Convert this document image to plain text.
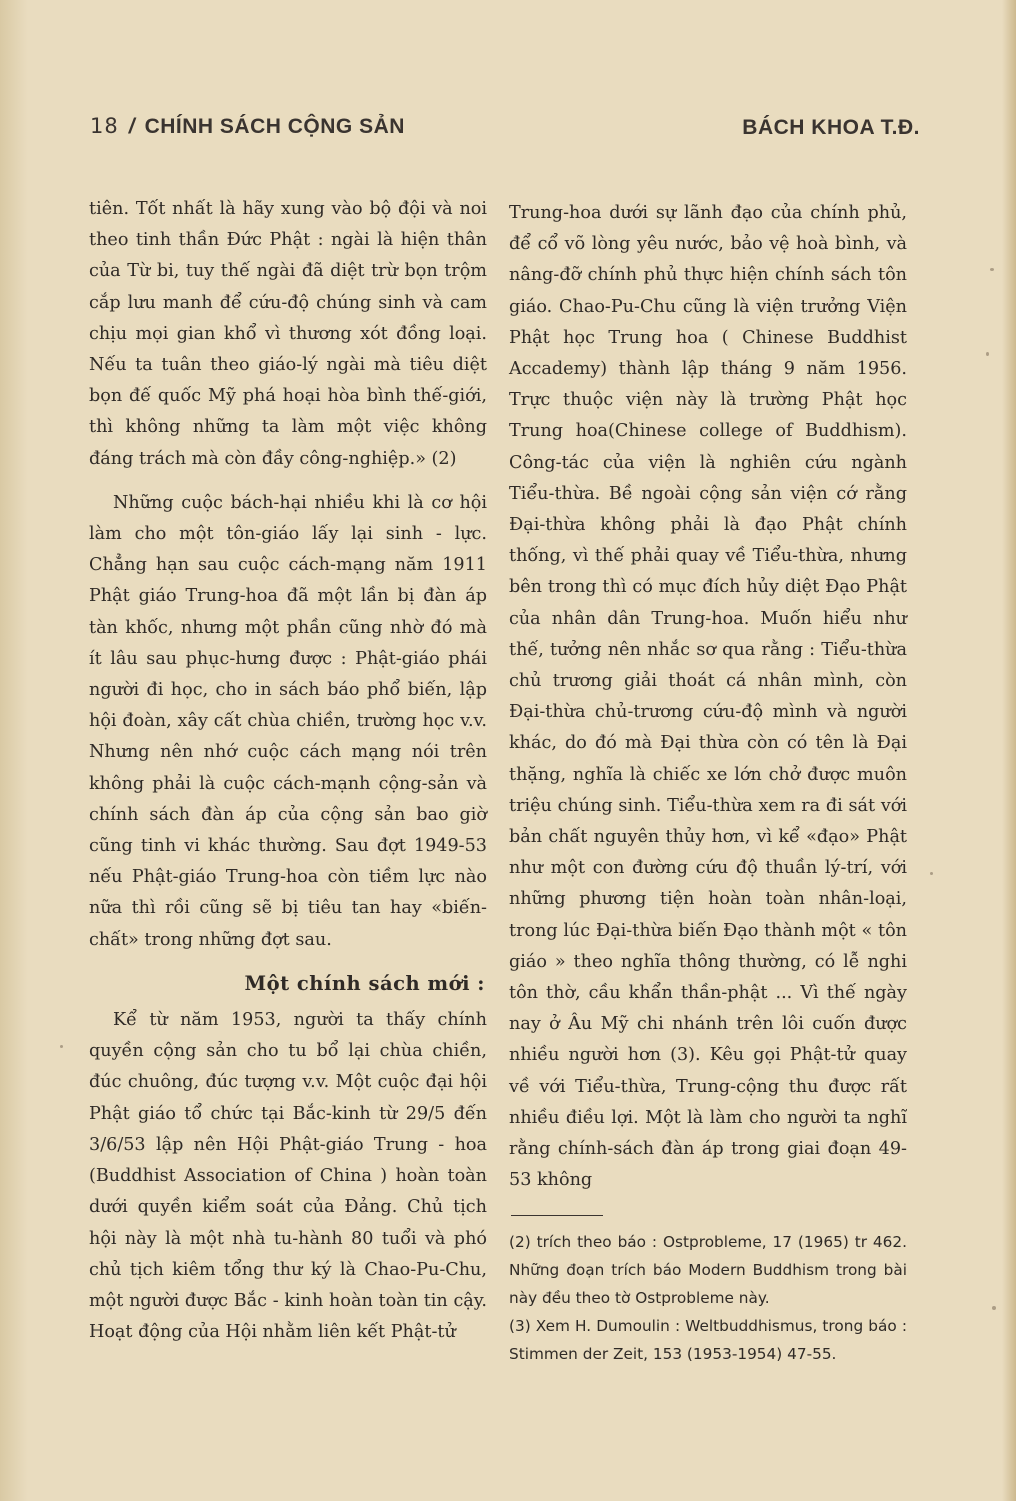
18 / CHÍNH SÁCH CỘNG SẢN	BÁCH KHOA T.Đ.

tiên. Tốt nhất là hãy xung vào bộ đội và noi theo tinh thần Đức Phật : ngài là hiện thân của Từ bi, tuy thế ngài đã diệt trừ bọn trộm cắp lưu manh để cứu-độ chúng sinh và cam chịu mọi gian khổ vì thương xót đồng loại. Nếu ta tuân theo giáo-lý ngài mà tiêu diệt bọn đế quốc Mỹ phá hoại hòa bình thế-giới, thì không những ta làm một việc không đáng trách mà còn đầy công-nghiệp.» (2)

Những cuộc bách-hại nhiều khi là cơ hội làm cho một tôn-giáo lấy lại sinh - lực. Chẳng hạn sau cuộc cách-mạng năm 1911 Phật giáo Trung-hoa đã một lần bị đàn áp tàn khốc, nhưng một phần cũng nhờ đó mà ít lâu sau phục-hưng được : Phật-giáo phái người đi học, cho in sách báo phổ biến, lập hội đoàn, xây cất chùa chiền, trường học v.v. Nhưng nên nhớ cuộc cách mạng nói trên không phải là cuộc cách-mạnh cộng-sản và chính sách đàn áp của cộng sản bao giờ cũng tinh vi khác thường. Sau đợt 1949-53 nếu Phật-giáo Trung-hoa còn tiềm lực nào nữa thì rồi cũng sẽ bị tiêu tan hay «biến-chất» trong những đợt sau.

Một chính sách mới :

Kể từ năm 1953, người ta thấy chính quyền cộng sản cho tu bổ lại chùa chiền, đúc chuông, đúc tượng v.v. Một cuộc đại hội Phật giáo tổ chức tại Bắc-kinh từ 29/5 đến 3/6/53 lập nên Hội Phật-giáo Trung - hoa (Buddhist Association of China ) hoàn toàn dưới quyền kiểm soát của Đảng. Chủ tịch hội này là một nhà tu-hành 80 tuổi và phó chủ tịch kiêm tổng thư ký là Chao-Pu-Chu, một người được Bắc - kinh hoàn toàn tin cậy. Hoạt động của Hội nhằm liên kết Phật-tử

Trung-hoa dưới sự lãnh đạo của chính phủ, để cổ võ lòng yêu nước, bảo vệ hoà bình, và nâng-đỡ chính phủ thực hiện chính sách tôn giáo. Chao-Pu-Chu cũng là viện trưởng Viện Phật học Trung hoa ( Chinese Buddhist Accademy) thành lập tháng 9 năm 1956. Trực thuộc viện này là trường Phật học Trung hoa(Chinese college of Buddhism). Công-tác của viện là nghiên cứu ngành Tiểu-thừa. Bề ngoài cộng sản viện cớ rằng Đại-thừa không phải là đạo Phật chính thống, vì thế phải quay về Tiểu-thừa, nhưng bên trong thì có mục đích hủy diệt Đạo Phật của nhân dân Trung-hoa. Muốn hiểu như thế, tưởng nên nhắc sơ qua rằng : Tiểu-thừa chủ trương giải thoát cá nhân mình, còn Đại-thừa chủ-trương cứu-độ mình và người khác, do đó mà Đại thừa còn có tên là Đại thặng, nghĩa là chiếc xe lớn chở được muôn triệu chúng sinh. Tiểu-thừa xem ra đi sát với bản chất nguyên thủy hơn, vì kể «đạo» Phật như một con đường cứu độ thuần lý-trí, với những phương tiện hoàn toàn nhân-loại, trong lúc Đại-thừa biến Đạo thành một « tôn giáo » theo nghĩa thông thường, có lễ nghi tôn thờ, cầu khẩn thần-phật ... Vì thế ngày nay ở Âu Mỹ chi nhánh trên lôi cuốn được nhiều người hơn (3). Kêu gọi Phật-tử quay về với Tiểu-thừa, Trung-cộng thu được rất nhiều điều lợi. Một là làm cho người ta nghĩ rằng chính-sách đàn áp trong giai đoạn 49-53 không

(2) trích theo báo : Ostprobleme, 17 (1965) tr 462. Những đoạn trích báo Modern Buddhism trong bài này đều theo tờ Ostprobleme này.

(3) Xem H. Dumoulin : Weltbuddhismus, trong báo : Stimmen der Zeit, 153 (1953-1954) 47-55.
